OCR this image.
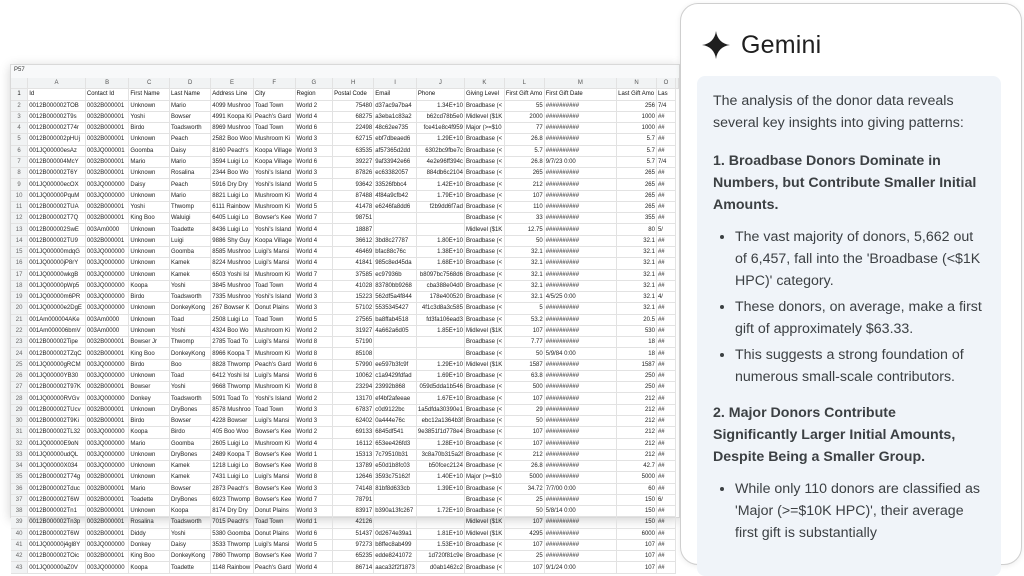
P57
	A	B	C	D	E	F	G	H	I	J	K	L	M	N	O	
1	Id	Contact Id	First Name	Last Name	Address Line	City	Region	Postal Code	Email	Phone	Giving Level	First Gift Amo	First Gift Date	Last Gift Amo	Las	
2	0012B000002TOB	0032B000001	Unknown	Mario	4099 Mushroo	Toad Town	World 2	75480	d37ac9a7ba4	1.34E+10	Broadbase (<	55	##########	256	7/4	
3	0012B000002T9s	0032B000001	Yoshi	Bowser	4991 Koopa Ki	Peach's Gard	World 4	68275	a3eba1c83a2	b62cd78b5e0	Midlevel ($1K	2000	##########	1000	##	
4	0012B000002T74r	0032B000001	Birdo	Toadsworth	8969 Mushroo	Toad Town	World 6	22498	48c62ee735	fce41e8c4f959	Major (>=$10	77	##########	1000	##	
5	0012B000002pHUj	0032B000001	Unknown	Peach	2582 Boo Woo	Mushroom Ki	World 3	62715	ebf7dbeaed6	1.29E+10	Broadbase (<	26.8	##########	5.7	##	
6	001JQ00000esAz	003JQ000001	Goomba	Daisy	8160 Peach's	Koopa Village	World 3	63535	af57365d2dd	6302bc9fbe7c	Broadbase (<	5.7	##########	5.7	##	
7	0012B000004McY	0032B000001	Mario	Mario	3594 Luigi Lo	Koopa Village	World 6	39227	9af33942e66	4e2e96ff394c	Broadbase (<	26.8	9/7/23 0:00	5.7	7/4	
8	0012B000002T6Y	0032B000001	Unknown	Rosalina	2344 Boo Wo	Yoshi's Island	World 3	87826	ec63382057	884db6c2104	Broadbase (<	265	##########	265	##	
9	001JQ00000ecOX	003JQ000000	Daisy	Peach	5916 Dry Dry	Yoshi's Island	World 5	93642	33526fbbc4	1.42E+10	Broadbase (<	212	##########	265	##	
10	001JQ00000PquM	003JQ000000	Unknown	Mario	8821 Luigi Lo	Mushroom Ki	World 4	87488	4f84a9cfb42	1.79E+10	Broadbase (<	107	##########	265	##	
11	0012B000002TUA	0032B000001	Yoshi	Thwomp	6111 Rainbow	Mushroom Ki	World 5	41478	e6246fa8dd6	f2b9dd6f7ad	Broadbase (<	110	##########	265	##	
12	0012B000002T7Q	0032B000001	King Boo	Waluigi	6405 Luigi Lo	Bowser's Kee	World 7	98751			Broadbase (<	33	##########	355	##	
13	0012B000002SwE	003Am0000	Unknown	Toadette	8436 Luigi Lo	Yoshi's Island	World 4	18887			Midlevel ($1K	12.75	##########	80	5/	
14	0012B000002TU9	0032B000001	Unknown	Luigi	9886 Shy Guy	Koopa Village	World 4	36612	3bd8c27787	1.80E+10	Broadbase (<	50	##########	32.1	##	
15	001JQ00000mdqG	003JQ000000	Unknown	Goomba	8585 Mushroo	Luigi's Mansi	World 4	46469	bfac88c76c	1.38E+10	Broadbase (<	32.1	##########	32.1	##	
16	001JQ00000jP8rY	003JQ000000	Unknown	Kamek	8224 Mushroo	Luigi's Mansi	World 4	41841	985c8ed45da	1.68E+10	Broadbase (<	32.1	##########	32.1	##	
17	001JQ00000wkgB	003JQ000000	Unknown	Kamek	6503 Yoshi Isl	Mushroom Ki	World 7	37585	ec97936b	b8097bc7568d6	Broadbase (<	32.1	##########	32.1	##	
18	001JQ00000pWp5	003JQ000000	Koopa	Yoshi	3845 Mushroo	Toad Town	World 4	41028	83780bb9268	cba388e04d0	Broadbase (<	32.1	##########	32.1	##	
19	001JQ00000m6PR	003JQ000000	Birdo	Toadsworth	7335 Mushroo	Yoshi's Island	World 3	15223	562df5a4f844	178e400520	Broadbase (<	32.1	4/5/25 0:00	32.1	4/	
20	001JQ00000e2DgE	003JQ000000	Unknown	DonkeyKong	267 Bowser K	Donut Plains	World 3	57102	5535345427	4f1c3d8a3c585	Broadbase (<	5	##########	32.1	##	
21	001Am000004AKe	003Am0000	Unknown	Toad	2508 Luigi Lo	Toad Town	World 5	27565	ba8ffab4518	fd3fa106ead3	Broadbase (<	53.2	##########	20.5	##	
22	001Am000006bmV	003Am0000	Unknown	Yoshi	4324 Boo Wo	Mushroom Ki	World 2	31927	4a662a6d05	1.85E+10	Midlevel ($1K	107	##########	530	##	
23	0012B000002Tipe	0032B000001	Bowser Jr	Thwomp	2785 Toad To	Luigi's Mansi	World 8	57190			Broadbase (<	7.77	##########	18	##	
24	0012B000002TZqC	0032B000001	King Boo	DonkeyKong	8966 Koopa T	Mushroom Ki	World 8	85108			Broadbase (<	50	5/9/84 0:00	18	##	
25	001JQ00000gRCM	003JQ000000	Birdo	Boo	8828 Thwomp	Peach's Gard	World 6	57990	ee597b3fc9f	1.29E+10	Midlevel ($1K	1587	##########	1587	##	
26	001JQ00000YB30	003JQ000000	Unknown	Toad	6412 Yoshi Isl	Luigi's Mansi	World 6	10062	c1a9429fdfad	1.69E+10	Broadbase (<	63.8	##########	250	##	
27	0012B000002T97K	0032B000001	Bowser	Yoshi	9668 Thwomp	Mushroom Ki	World 8	23294	23992b868	059d5dda1b546	Broadbase (<	500	##########	250	##	
28	001JQ00000RVGv	003JQ000000	Donkey	Toadsworth	5091 Toad To	Yoshi's Island	World 2	13170	ef4bf2afeeae	1.67E+10	Broadbase (<	107	##########	212	##	
29	0012B000002TUcv	0032B000001	Unknown	DryBones	8578 Mushroo	Toad Town	World 3	67837	c0d9122bc	1a5dfda30390e1	Broadbase (<	29	##########	212	##	
30	0012B000002T9Ki	0032B000001	Birdo	Bowser	4228 Bowser	Luigi's Mansi	World 3	62402	0a444e76c	ebc12a1364b3f	Broadbase (<	50	##########	212	##	
31	0012B000002TL32	003JQ000000	Koopa	Birdo	405 Boo Woo	Bowser's Kee	World 2	69133	6845df541	9e3851f1d778e4	Broadbase (<	107	##########	212	##	
32	001JQ00000E9oN	003JQ000000	Mario	Goomba	2605 Luigi Lo	Mushroom Ki	World 4	16112	653ee426fd3	1.28E+10	Broadbase (<	107	##########	212	##	
33	001JQ00000udQL	003JQ000000	Unknown	DryBones	2489 Koopa T	Bowser's Kee	World 1	15313	7c79510b31	3c8a70b315a2f	Broadbase (<	212	##########	212	##	
34	001JQ00000X034	003JQ000000	Unknown	Kamek	1218 Luigi Lo	Bowser's Kee	World 8	13789	e50d1b8fc03	b50fcec2124	Broadbase (<	26.8	##########	42.7	##	
35	0012B000002T74g	0032B000001	Unknown	Kamek	7431 Luigi Lo	Luigi's Mansi	World 8	12646	3593c75162f	1.40E+10	Major (>=$10	5000	##########	5000	##	
36	0012B000002Tduc	0032B000001	Mario	Bowser	2873 Peach's	Bowser's Kee	World 3	74148	81bf8d633cb	1.39E+10	Broadbase (<	34.72	7/7/00 0:00	60	##	
37	0012B000002T6W	0032B000001	Toadette	DryBones	6923 Thwomp	Bowser's Kee	World 7	78791			Broadbase (<	25	##########	150	6/	
38	0012B000002Tn1	0032B000001	Unknown	Koopa	8174 Dry Dry	Donut Plains	World 3	83917	b390a13fc267	1.72E+10	Broadbase (<	50	5/8/14 0:00	150	##	
39	0012B000002Tn3p	0032B000001	Rosalina	Toadsworth	7015 Peach's	Toad Town	World 1	42126			Midlevel ($1K	107	##########	150	##	
40	0012B000002T6W	0032B000001	Diddy	Yoshi	5380 Goomba	Donut Plains	World 6	51437	0d2674e39a1	1.81E+10	Midlevel ($1K	4295	##########	6000	##	
41	001JQ00000j4gl8Y	003JQ000000	Donkey	Daisy	3533 Thwomp	Luigi's Mansi	World 5	97273	b8ffec8ab499	1.53E+10	Broadbase (<	107	##########	107	##	
42	0012B000002TOic	0032B000001	King Boo	DonkeyKong	7860 Thwomp	Bowser's Kee	World 7	65235	edde8241072	1d720f81c9e	Broadbase (<	25	##########	107	##	
43	001JQ00000aZ0V	003JQ000000	Koopa	Toadette	1148 Rainbow	Peach's Gard	World 4	86714	aaca32f2f1873	d0ab1462c2	Broadbase (<	107	9/1/24 0:00	107	##	
Gemini

The analysis of the donor data reveals several key insights into giving patterns:

1. Broadbase Donors Dominate in Numbers, but Contribute Smaller Initial Amounts.
• The vast majority of donors, 5,662 out of 6,457, fall into the 'Broadbase (<$1K HPC)' category.
• These donors, on average, make a first gift of approximately $63.33.
• This suggests a strong foundation of numerous small-scale contributors.
2. Major Donors Contribute Significantly Larger Initial Amounts, Despite Being a Smaller Group.
• While only 110 donors are classified as 'Major (>=$10K HPC)', their average first gift is substantially
